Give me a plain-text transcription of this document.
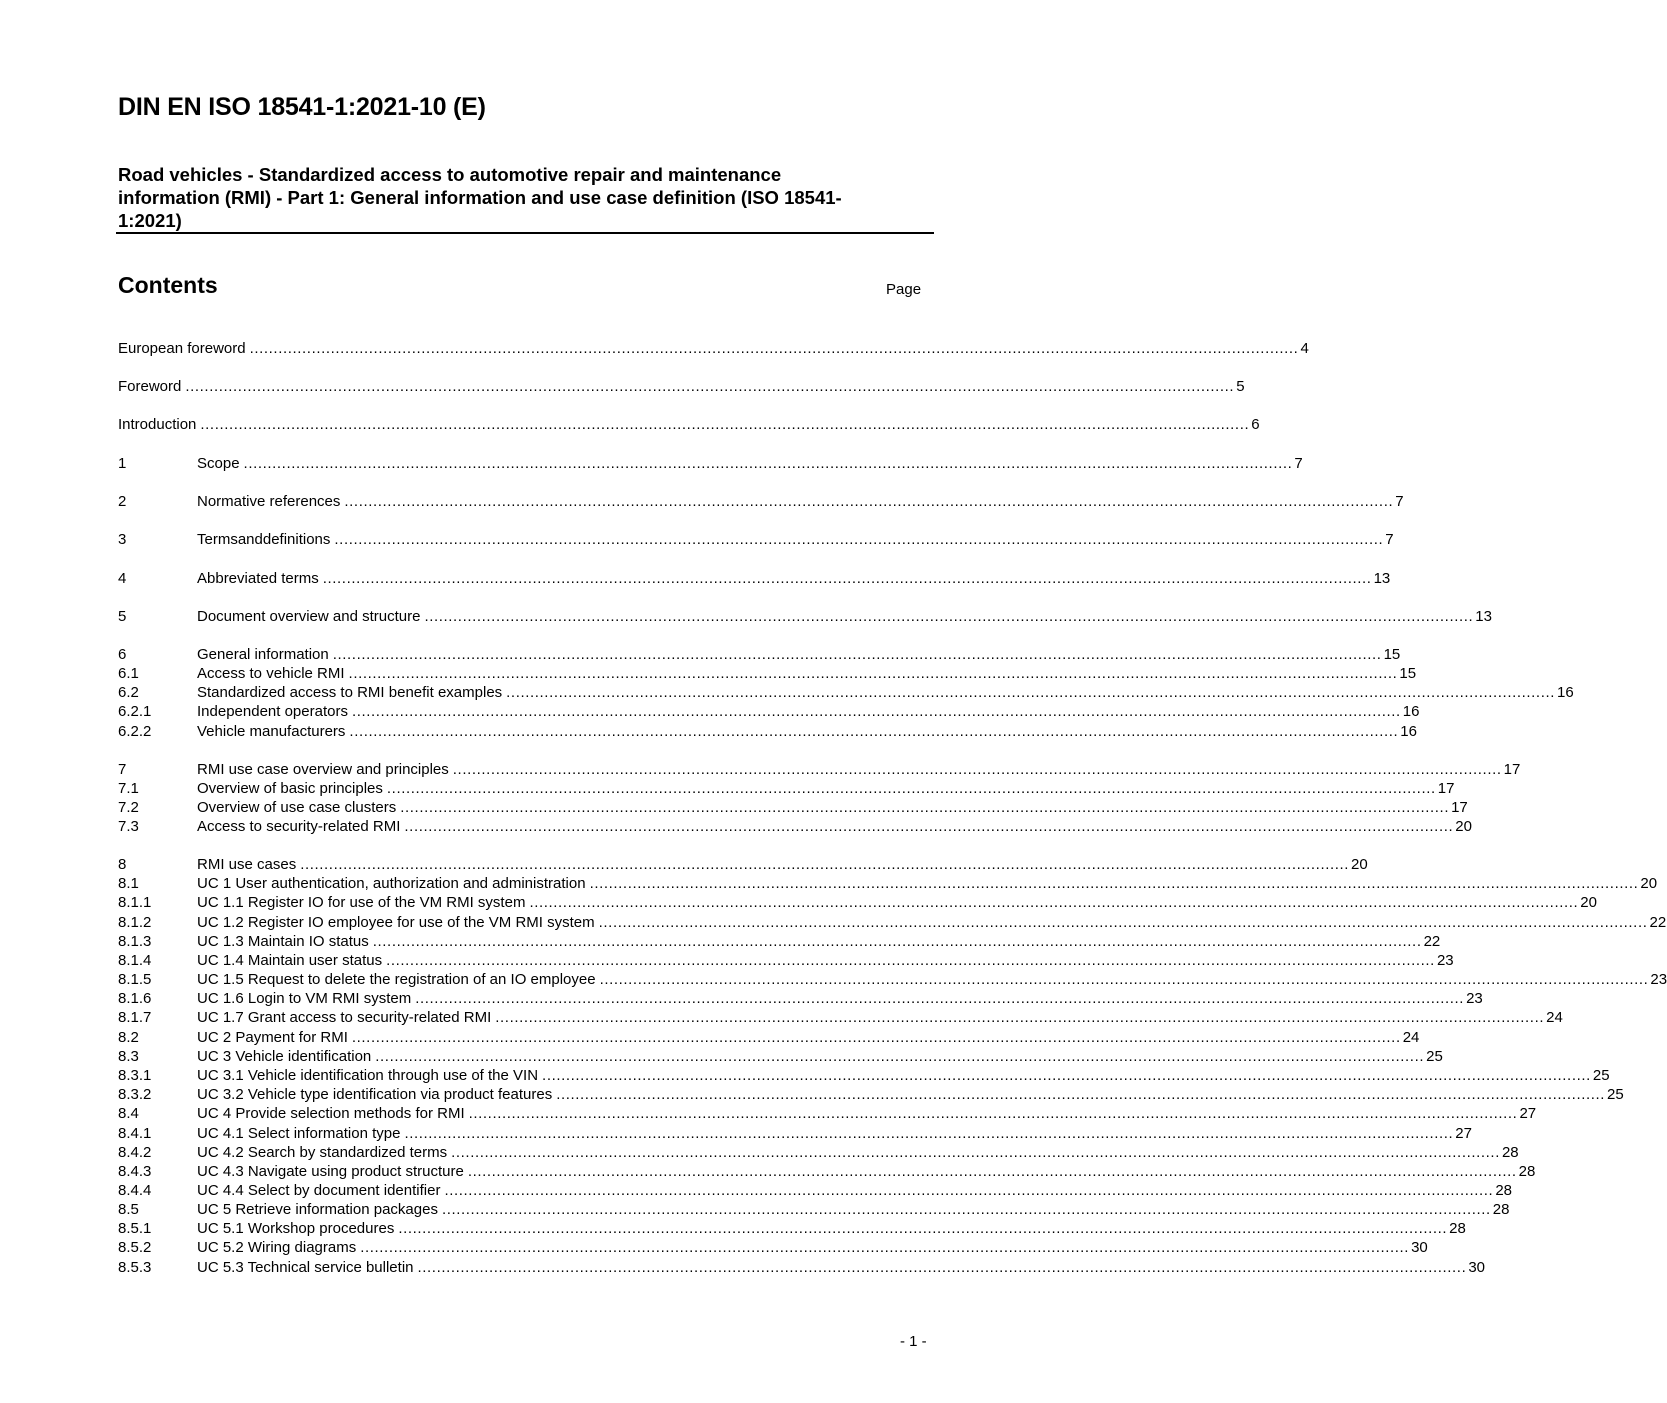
DIN EN ISO 18541-1:2021-10 (E)
Road vehicles - Standardized access to automotive repair and maintenance
information (RMI) - Part 1: General information and use case definition (ISO 18541-
1:2021)
Contents	Page
European foreword ............................................................................................................................................................................................................................ 4
Foreword ............................................................................................................................................................................................................................ 5
Introduction ............................................................................................................................................................................................................................ 6
1	Scope ............................................................................................................................................................................................................................ 7
2	Normative references ............................................................................................................................................................................................................................ 7
3	Termsanddefinitions ............................................................................................................................................................................................................................ 7
4	Abbreviated terms ............................................................................................................................................................................................................................ 13
5	Document overview and structure ............................................................................................................................................................................................................................ 13
6	General information ............................................................................................................................................................................................................................ 15
6.1	Access to vehicle RMI ............................................................................................................................................................................................................................ 15
6.2	Standardized access to RMI benefit examples ............................................................................................................................................................................................................................ 16
6.2.1	Independent operators ............................................................................................................................................................................................................................ 16
6.2.2	Vehicle manufacturers ............................................................................................................................................................................................................................ 16
7	RMI use case overview and principles ............................................................................................................................................................................................................................ 17
7.1	Overview of basic principles ............................................................................................................................................................................................................................ 17
7.2	Overview of use case clusters ............................................................................................................................................................................................................................ 17
7.3	Access to security-related RMI ............................................................................................................................................................................................................................ 20
8	RMI use cases ............................................................................................................................................................................................................................ 20
8.1	UC 1 User authentication, authorization and administration ............................................................................................................................................................................................................................ 20
8.1.1	UC 1.1 Register IO for use of the VM RMI system ............................................................................................................................................................................................................................ 20
8.1.2	UC 1.2 Register IO employee for use of the VM RMI system ............................................................................................................................................................................................................................ 22
8.1.3	UC 1.3 Maintain IO status ............................................................................................................................................................................................................................ 22
8.1.4	UC 1.4 Maintain user status ............................................................................................................................................................................................................................ 23
8.1.5	UC 1.5 Request to delete the registration of an IO employee ............................................................................................................................................................................................................................ 23
8.1.6	UC 1.6 Login to VM RMI system ............................................................................................................................................................................................................................ 23
8.1.7	UC 1.7 Grant access to security-related RMI ............................................................................................................................................................................................................................ 24
8.2	UC 2 Payment for RMI ............................................................................................................................................................................................................................ 24
8.3	UC 3 Vehicle identification ............................................................................................................................................................................................................................ 25
8.3.1	UC 3.1 Vehicle identification through use of the VIN ............................................................................................................................................................................................................................ 25
8.3.2	UC 3.2 Vehicle type identification via product features ............................................................................................................................................................................................................................ 25
8.4	UC 4 Provide selection methods for RMI ............................................................................................................................................................................................................................ 27
8.4.1	UC 4.1 Select information type ............................................................................................................................................................................................................................ 27
8.4.2	UC 4.2 Search by standardized terms ............................................................................................................................................................................................................................ 28
8.4.3	UC 4.3 Navigate using product structure ............................................................................................................................................................................................................................ 28
8.4.4	UC 4.4 Select by document identifier ............................................................................................................................................................................................................................ 28
8.5	UC 5 Retrieve information packages ............................................................................................................................................................................................................................ 28
8.5.1	UC 5.1 Workshop procedures ............................................................................................................................................................................................................................ 28
8.5.2	UC 5.2 Wiring diagrams ............................................................................................................................................................................................................................ 30
8.5.3	UC 5.3 Technical service bulletin ............................................................................................................................................................................................................................ 30
- 1 -
